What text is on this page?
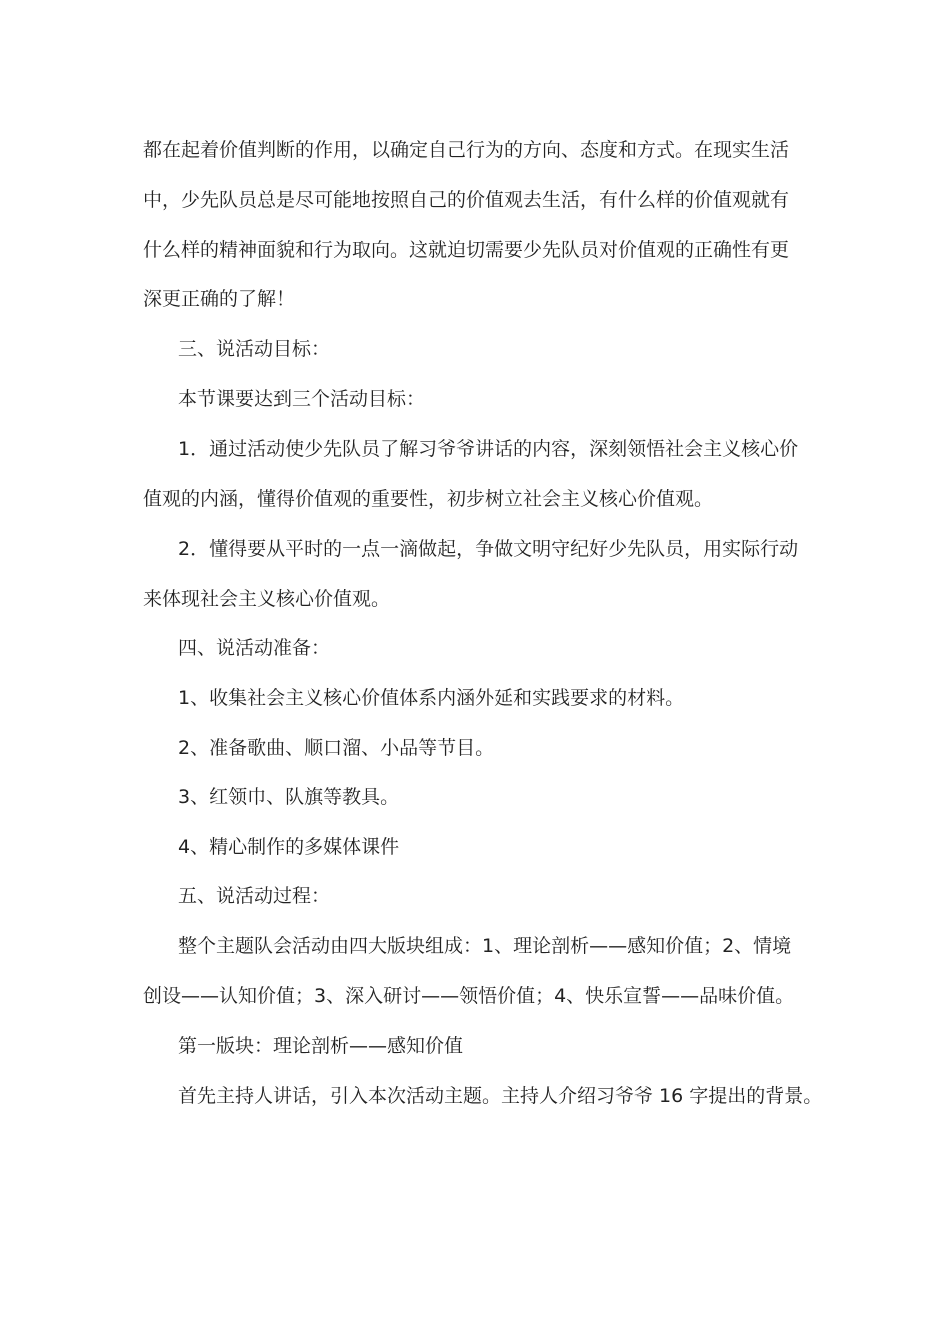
都在起着价值判断的作用，以确定自己行为的方向、态度和方式。在现实生活
中，少先队员总是尽可能地按照自己的价值观去生活，有什么样的价值观就有
什么样的精神面貌和行为取向。这就迫切需要少先队员对价值观的正确性有更
深更正确的了解！
三、说活动目标：
本节课要达到三个活动目标：
1．通过活动使少先队员了解习爷爷讲话的内容，深刻领悟社会主义核心价
值观的内涵，懂得价值观的重要性，初步树立社会主义核心价值观。
2．懂得要从平时的一点一滴做起，争做文明守纪好少先队员，用实际行动
来体现社会主义核心价值观。
四、说活动准备：
1、收集社会主义核心价值体系内涵外延和实践要求的材料。
2、准备歌曲、顺口溜、小品等节目。
3、红领巾、队旗等教具。
4、精心制作的多媒体课件
五、说活动过程：
整个主题队会活动由四大版块组成：1、理论剖析——感知价值；2、情境
创设——认知价值；3、深入研讨——领悟价值；4、快乐宣誓——品味价值。
第一版块：理论剖析——感知价值
首先主持人讲话，引入本次活动主题。主持人介绍习爷爷 16 字提出的背景。
